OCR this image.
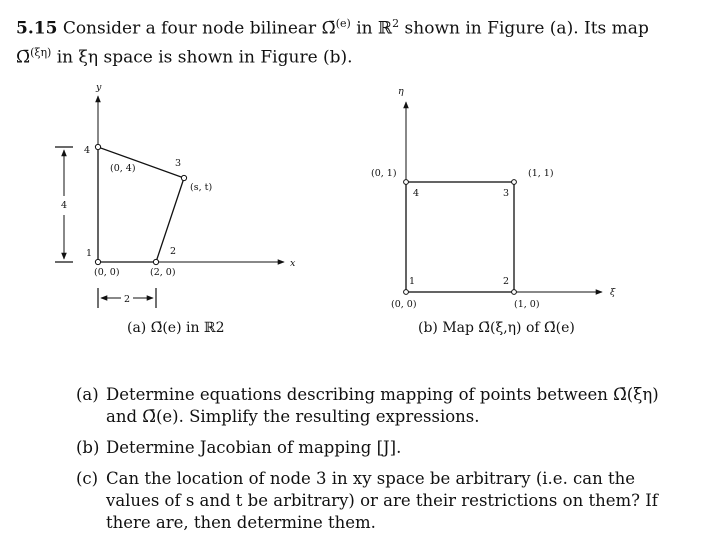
5.15 Consider a four node bilinear Ω̄$^{(e)}$ in ℝ$^2$ shown in Figure (a). Its map
Ω̄$^{(\xi\eta)}$ in ξη space is shown in Figure (b).
y
x
1	2
3
4
(0, 0)	(2, 0)
(s, t)
(0, 4)
4
2
(a) Ω̄(e) in ℝ2
η
ξ
1	2
3
4
(0, 0)	(1, 0)
(1, 1)
(0, 1)
(b) Map Ω̄(ξ,η) of Ω̄(e)
(a) Determine equations describing mapping of points between Ω̄(ξη) and Ω̄(e). Simplify the resulting expressions.
(b) Determine Jacobian of mapping [J].
(c) Can the location of node 3 in xy space be arbitrary (i.e. can the values of s and t be arbitrary) or are their restrictions on them? If there are, then determine them.
